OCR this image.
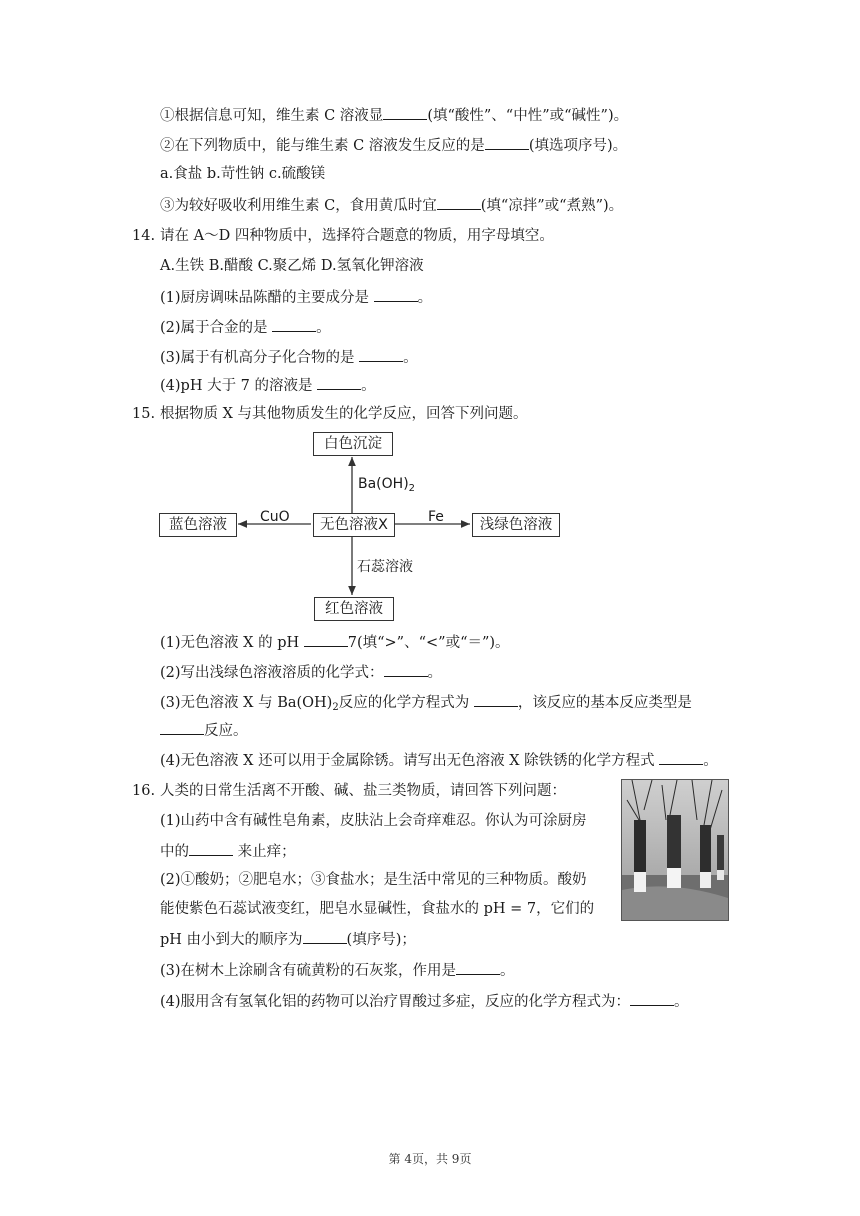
①根据信息可知，维生素 C 溶液显	(填“酸性”、“中性”或“碱性”)。
②在下列物质中，能与维生素 C 溶液发生反应的是	(填选项序号)。
a.食盐 b.苛性钠 c.硫酸镁
③为较好吸收利用维生素 C，食用黄瓜时宜	(填“凉拌”或“煮熟”)。
14. 请在 A～D 四种物质中，选择符合题意的物质，用字母填空。
A.生铁 B.醋酸 C.聚乙烯 D.氢氧化钾溶液
(1)厨房调味品陈醋的主要成分是	。
(2)属于合金的是	。
(3)属于有机高分子化合物的是	。
(4)pH 大于 7 的溶液是	。
15. 根据物质 X 与其他物质发生的化学反应，回答下列问题。
白色沉淀
无色溶液X
蓝色溶液	浅绿色溶液
红色溶液
$Ba(OH)_2$
CuO	Fe
石蕊溶液
(1)无色溶液 X 的 pH	7(填“>”、“<”或“＝”)。
(2)写出浅绿色溶液溶质的化学式：	。
(3)无色溶液 X 与 $Ba(OH)_2$反应的化学方程式为	，该反应的基本反应类型是
反应。
(4)无色溶液 X 还可以用于金属除锈。请写出无色溶液 X 除铁锈的化学方程式	。
16. 人类的日常生活离不开酸、碱、盐三类物质，请回答下列问题：
(1)山药中含有碱性皂角素，皮肤沾上会奇痒难忍。你认为可涂厨房
中的	来止痒；
(2)①酸奶；②肥皂水；③食盐水；是生活中常见的三种物质。酸奶
能使紫色石蕊试液变红，肥皂水显碱性，食盐水的 pH = 7，它们的
pH 由小到大的顺序为	(填序号)；
(3)在树木上涂刷含有硫黄粉的石灰浆，作用是	。
(4)服用含有氢氧化铝的药物可以治疗胃酸过多症，反应的化学方程式为：	。
第 4页，共 9页
